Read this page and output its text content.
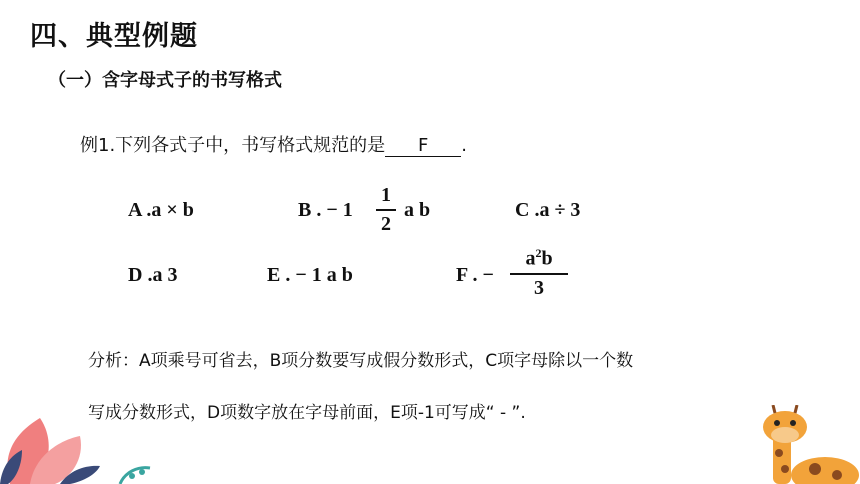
四、典型例题
（一）含字母式子的书写格式
例1.下列各式子中，书写格式规范的是 F .
A .a × b	B . − 1
1
2
a b	C .a ÷ 3
D .a 3	E . − 1 a b	F . −
$a^2b$
3
分析：A项乘号可省去，B项分数要写成假分数形式，C项字母除以一个数
写成分数形式，D项数字放在字母前面，E项-1可写成“ - ”.
